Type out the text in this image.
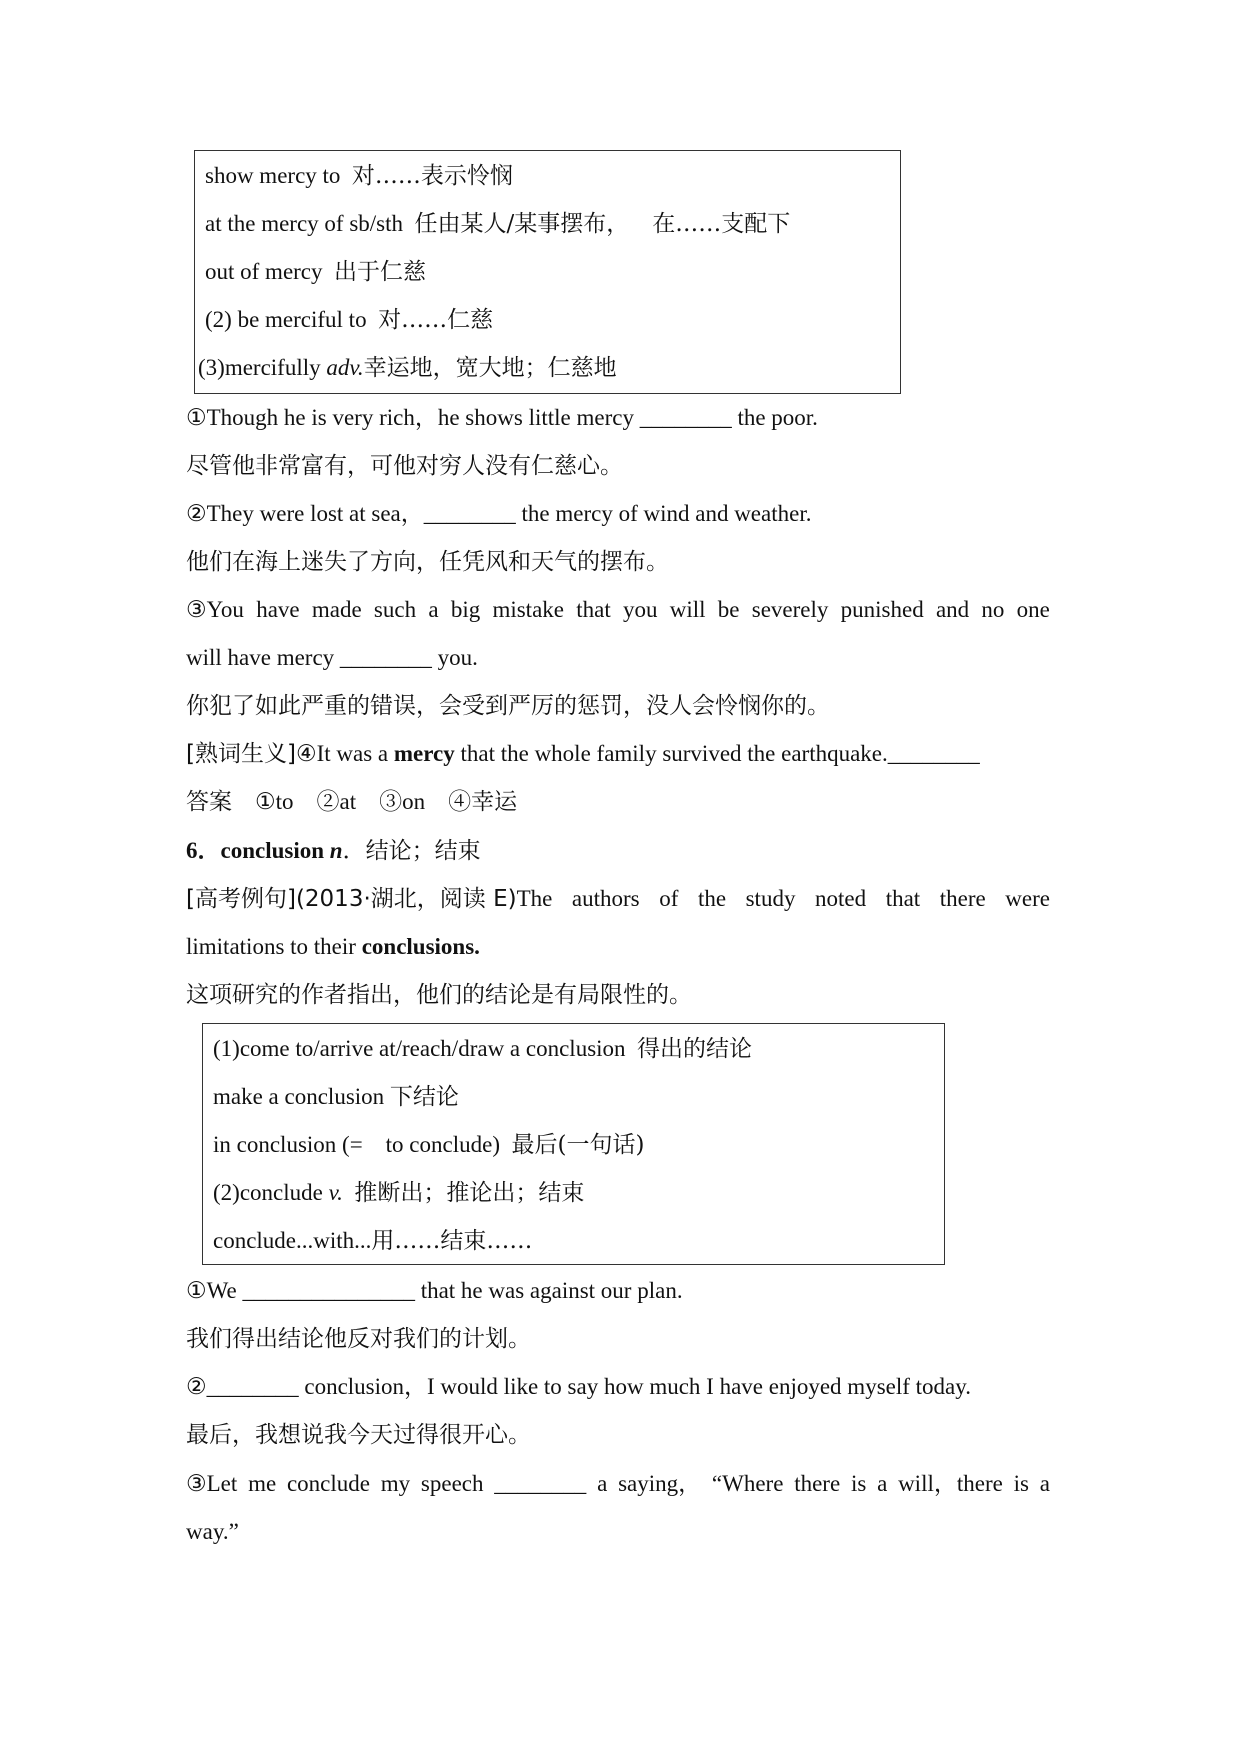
show mercy to 对……表示怜悯
at the mercy of sb/sth 任由某人/某事摆布， 在……支配下
out of mercy 出于仁慈
(2) be merciful to 对……仁慈
(3)mercifully adv.幸运地，宽大地；仁慈地
①Though he is very rich，he shows little mercy ________ the poor.
尽管他非常富有，可他对穷人没有仁慈心。
②They were lost at sea，________ the mercy of wind and weather.
他们在海上迷失了方向，任凭风和天气的摆布。
③You have made such a big mistake that you will be severely punished and no one
will have mercy ________ you.
你犯了如此严重的错误，会受到严厉的惩罚，没人会怜悯你的。
[熟词生义]④It was a mercy that the whole family survived the earthquake.________
答案 ①to　②at　③on　④幸运
6．conclusion n．结论；结束
[高考例句](2013·湖北，阅读 E)The authors of the study noted that there were
limitations to their conclusions.
这项研究的作者指出，他们的结论是有局限性的。
(1)come to/arrive at/reach/draw a conclusion 得出的结论
make a conclusion 下结论
in conclusion (=　to conclude) 最后(一句话)
(2)conclude v. 推断出；推论出；结束
conclude...with...用……结束……
①We _______________ that he was against our plan.
我们得出结论他反对我们的计划。
②________ conclusion，I would like to say how much I have enjoyed myself today.
最后，我想说我今天过得很开心。
③Let me conclude my speech ________ a saying， “Where there is a will，there is a
way.”
